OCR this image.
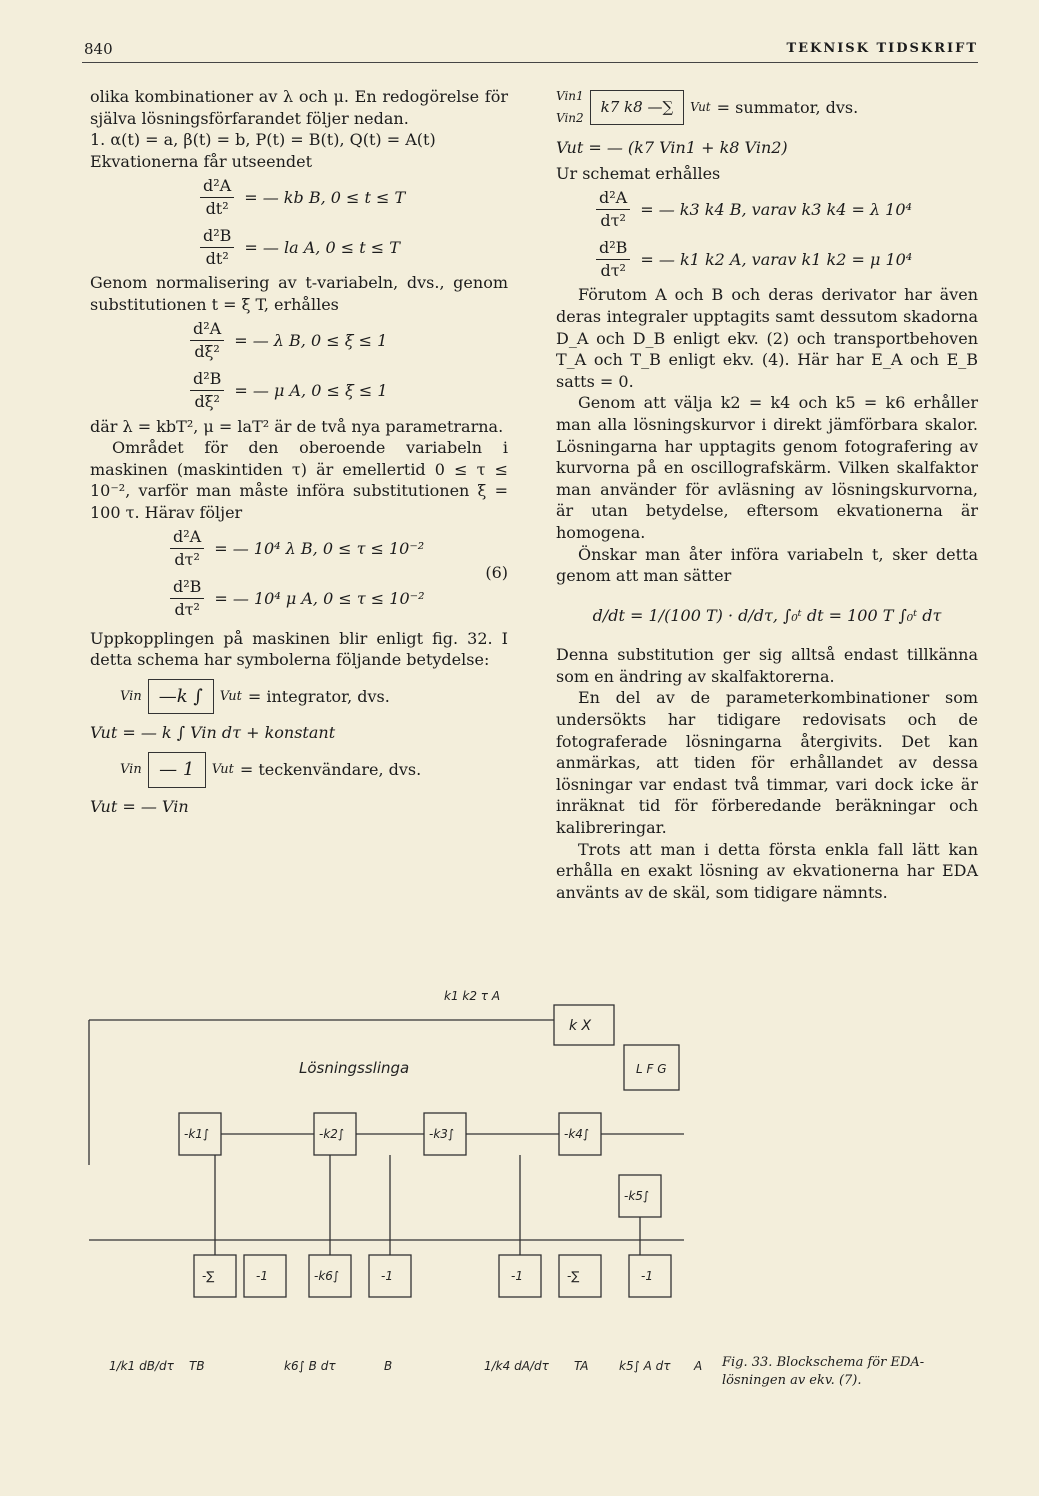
840	TEKNISK TIDSKRIFT

olika kombinationer av λ och μ. En redogörelse för själva lösningsförfarandet följer nedan.

1. α(t) = a, β(t) = b, P(t) = B(t), Q(t) = A(t)

Ekvationerna får utseendet

$\frac{\text{d²A}}{\text{dt²}}$ = — kb B, 0 ≤ t ≤ T
$\frac{\text{d²B}}{\text{dt²}}$ = — la A, 0 ≤ t ≤ T

Genom normalisering av t-variabeln, dvs., genom substitutionen t = ξ T, erhålles

$\frac{\text{d²A}}{\text{dξ²}}$ = — λ B, 0 ≤ ξ ≤ 1
$\frac{\text{d²B}}{\text{dξ²}}$ = — μ A, 0 ≤ ξ ≤ 1

där λ = kbT², μ = laT² är de två nya parametrarna.

Området för den oberoende variabeln i maskinen (maskintiden τ) är emellertid 0 ≤ τ ≤ 10⁻², varför man måste införa substitutionen ξ = 100 τ. Härav följer

$\frac{\text{d²A}}{\text{dτ²}}$ = — 10⁴ λ B, 0 ≤ τ ≤ 10⁻²
$\frac{\text{d²B}}{\text{dτ²}}$ = — 10⁴ μ A, 0 ≤ τ ≤ 10⁻²
(6)

Uppkopplingen på maskinen blir enligt fig. 32. I detta schema har symbolerna följande betydelse:

Vin —k ∫	Vut = integrator, dvs.

Vut = — k ∫ Vin dτ + konstant

Vin — 1	Vut = teckenvändare, dvs.

Vut = — Vin

Vin1
Vin2
k7 k8 —∑	Vut = summator, dvs.

Vut = — (k7 Vin1 + k8 Vin2)

Ur schemat erhålles

$\frac{\text{d²A}}{\text{dτ²}}$ = — k3 k4 B, varav k3 k4 = λ 10⁴
$\frac{\text{d²B}}{\text{dτ²}}$ = — k1 k2 A, varav k1 k2 = μ 10⁴

Förutom A och B och deras derivator har även deras integraler upptagits samt dessutom skadorna D_A och D_B enligt ekv. (2) och transportbehoven T_A och T_B enligt ekv. (4). Här har E_A och E_B satts = 0.

Genom att välja k2 = k4 och k5 = k6 erhåller man alla lösningskurvor i direkt jämförbara skalor. Lösningarna har upptagits genom fotografering av kurvorna på en oscillografskärm. Vilken skalfaktor man använder för avläsning av lösningskurvorna, är utan betydelse, eftersom ekvationerna är homogena.

Önskar man åter införa variabeln t, sker detta genom att man sätter

d/dt = 1/(100 T) · d/dτ, ∫₀ᵗ dt = 100 T ∫₀ᵗ dτ

Denna substitution ger sig alltså endast tillkänna som en ändring av skalfaktorerna.

En del av de parameterkombinationer som undersökts har tidigare redovisats och de fotograferade lösningarna återgivits. Det kan anmärkas, att tiden för erhållandet av dessa lösningar var endast två timmar, vari dock icke är inräknat tid för förberedande beräkningar och kalibreringar.

Trots att man i detta första enkla fall lätt kan erhålla en exakt lösning av ekvationerna har EDA använts av de skäl, som tidigare nämnts.

k1 k2 τ A
Lösningsslinga
k X
L F G
-k1∫	-k2∫	-k3∫	-k4∫
-k5∫
-∑	-1	-k6∫	-1	-1	-∑	-1
1/k1 dB/dτ TB	k6∫ B dτ	B	1/k4 dA/dτ TA	k5∫ A dτ A Fig. 33. Blockschema för EDA-lösningen av ekv. (7).
